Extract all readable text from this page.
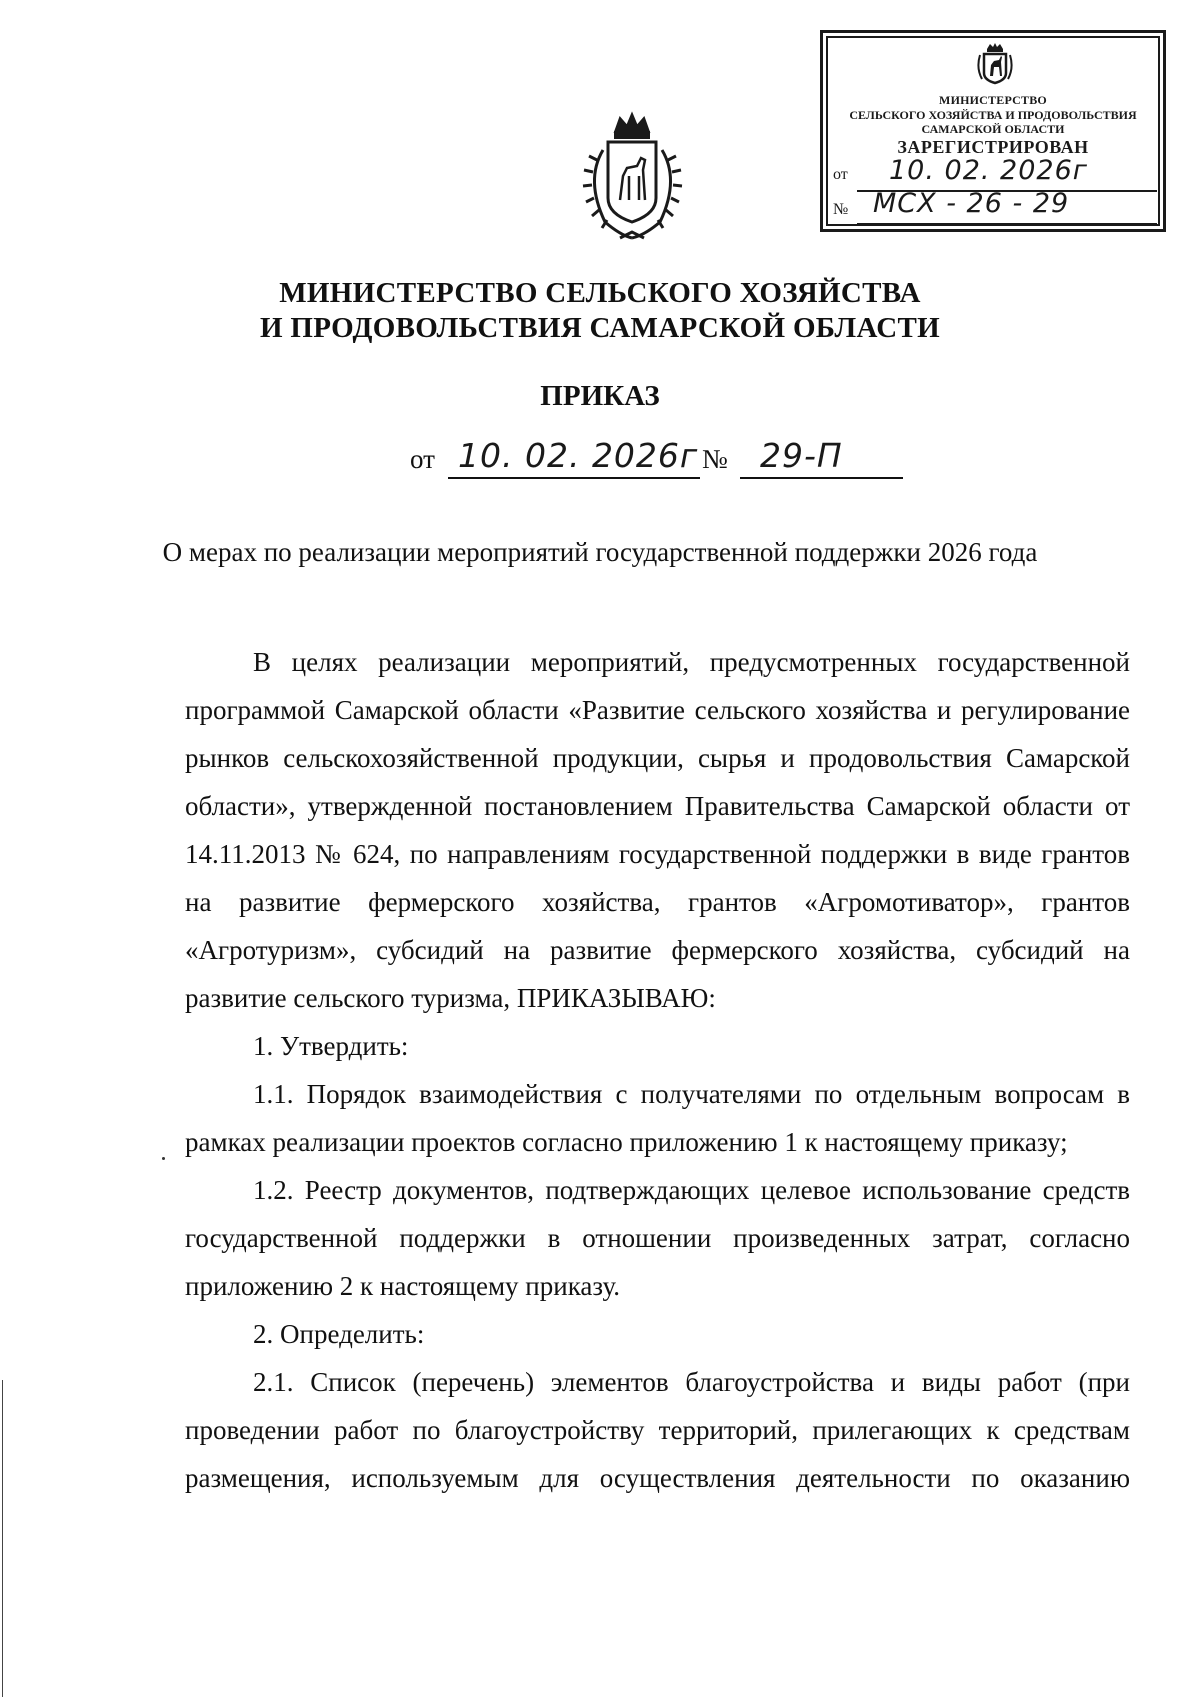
МИНИСТЕРСТВО
СЕЛЬСКОГО ХОЗЯЙСТВА И ПРОДОВОЛЬСТВИЯ
САМАРСКОЙ ОБЛАСТИ
ЗАРЕГИСТРИРОВАН
от 10. 02. 2026г
№ МСХ - 26 - 29
МИНИСТЕРСТВО СЕЛЬСКОГО ХОЗЯЙСТВА
И ПРОДОВОЛЬСТВИЯ САМАРСКОЙ ОБЛАСТИ
ПРИКАЗ
от 10. 02. 2026г № 29-П
О мерах по реализации мероприятий государственной поддержки 2026 года

В целях реализации мероприятий, предусмотренных государственной программой Самарской области «Развитие сельского хозяйства и регулирование рынков сельскохозяйственной продукции, сырья и продовольствия Самарской области», утвержденной постановлением Правительства Самарской области от 14.11.2013 № 624, по направлениям государственной поддержки в виде грантов на развитие фермерского хозяйства, грантов «Агромотиватор», грантов «Агротуризм», субсидий на развитие фермерского хозяйства, субсидий на развитие сельского туризма, ПРИКАЗЫВАЮ:

1. Утвердить:

1.1. Порядок взаимодействия с получателями по отдельным вопросам в рамках реализации проектов согласно приложению 1 к настоящему приказу;

1.2. Реестр документов, подтверждающих целевое использование средств государственной поддержки в отношении произведенных затрат, согласно приложению 2 к настоящему приказу.

2. Определить:

2.1. Список (перечень) элементов благоустройства и виды работ (при проведении работ по благоустройству территорий, прилегающих к средствам размещения, используемым для осуществления деятельности по оказанию
